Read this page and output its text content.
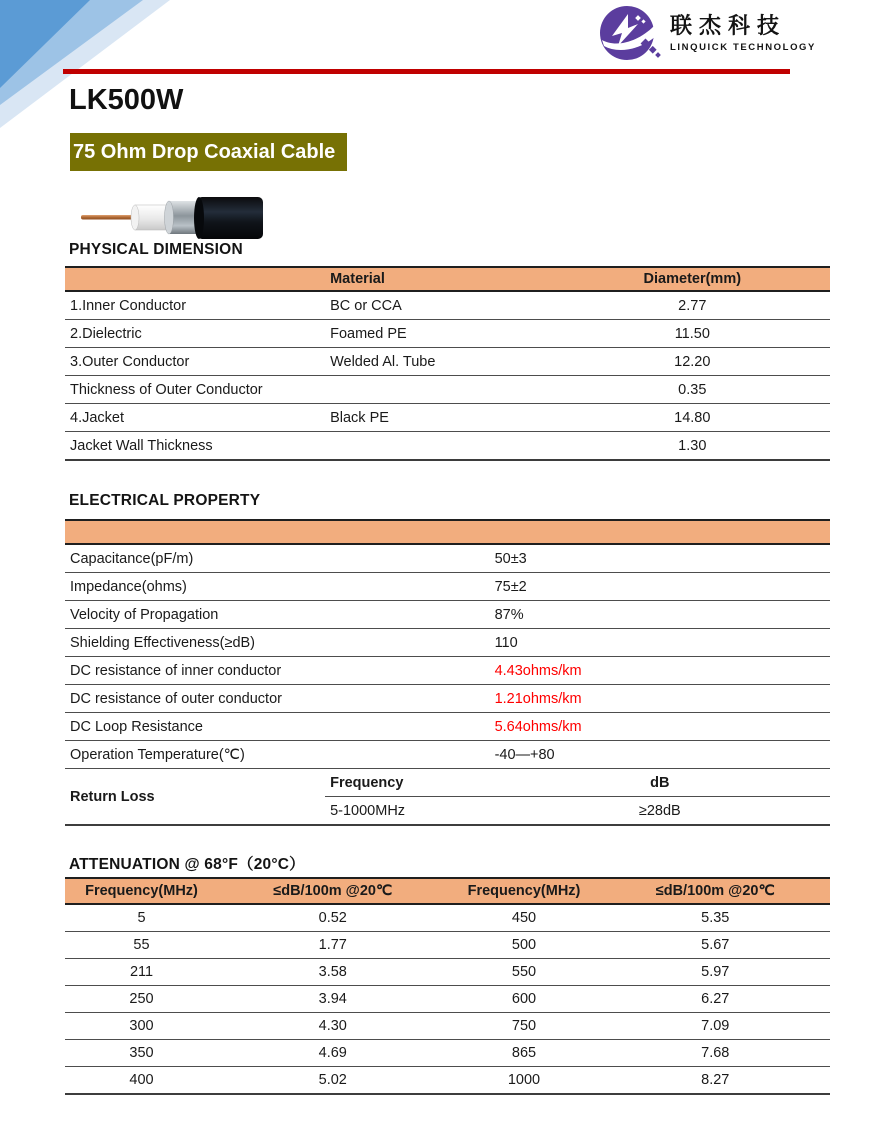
联杰科技
LINQUICK TECHNOLOGY
LK500W
75 Ohm Drop Coaxial Cable
PHYSICAL DIMENSION
	Material	Diameter(mm)
1.Inner Conductor	BC or CCA	2.77
2.Dielectric	Foamed PE	11.50
3.Outer Conductor	Welded Al. Tube	12.20
Thickness of Outer Conductor		0.35
4.Jacket	Black PE	14.80
Jacket Wall Thickness		1.30
ELECTRICAL PROPERTY

Capacitance(pF/m)		50±3
Impedance(ohms)		75±2
Velocity of Propagation		87%
Shielding Effectiveness(≥dB)		110
DC resistance of inner conductor		4.43ohms/km
DC resistance of outer conductor		1.21ohms/km
DC Loop Resistance		5.64ohms/km
Operation Temperature(℃)		-40—+80
Return Loss	Frequency	dB
	5-1000MHz	≥28dB
ATTENUATION @ 68°F（20°C）
Frequency(MHz)	≤dB/100m @20℃	Frequency(MHz)	≤dB/100m @20℃
5	0.52	450	5.35
55	1.77	500	5.67
211	3.58	550	5.97
250	3.94	600	6.27
300	4.30	750	7.09
350	4.69	865	7.68
400	5.02	1000	8.27
